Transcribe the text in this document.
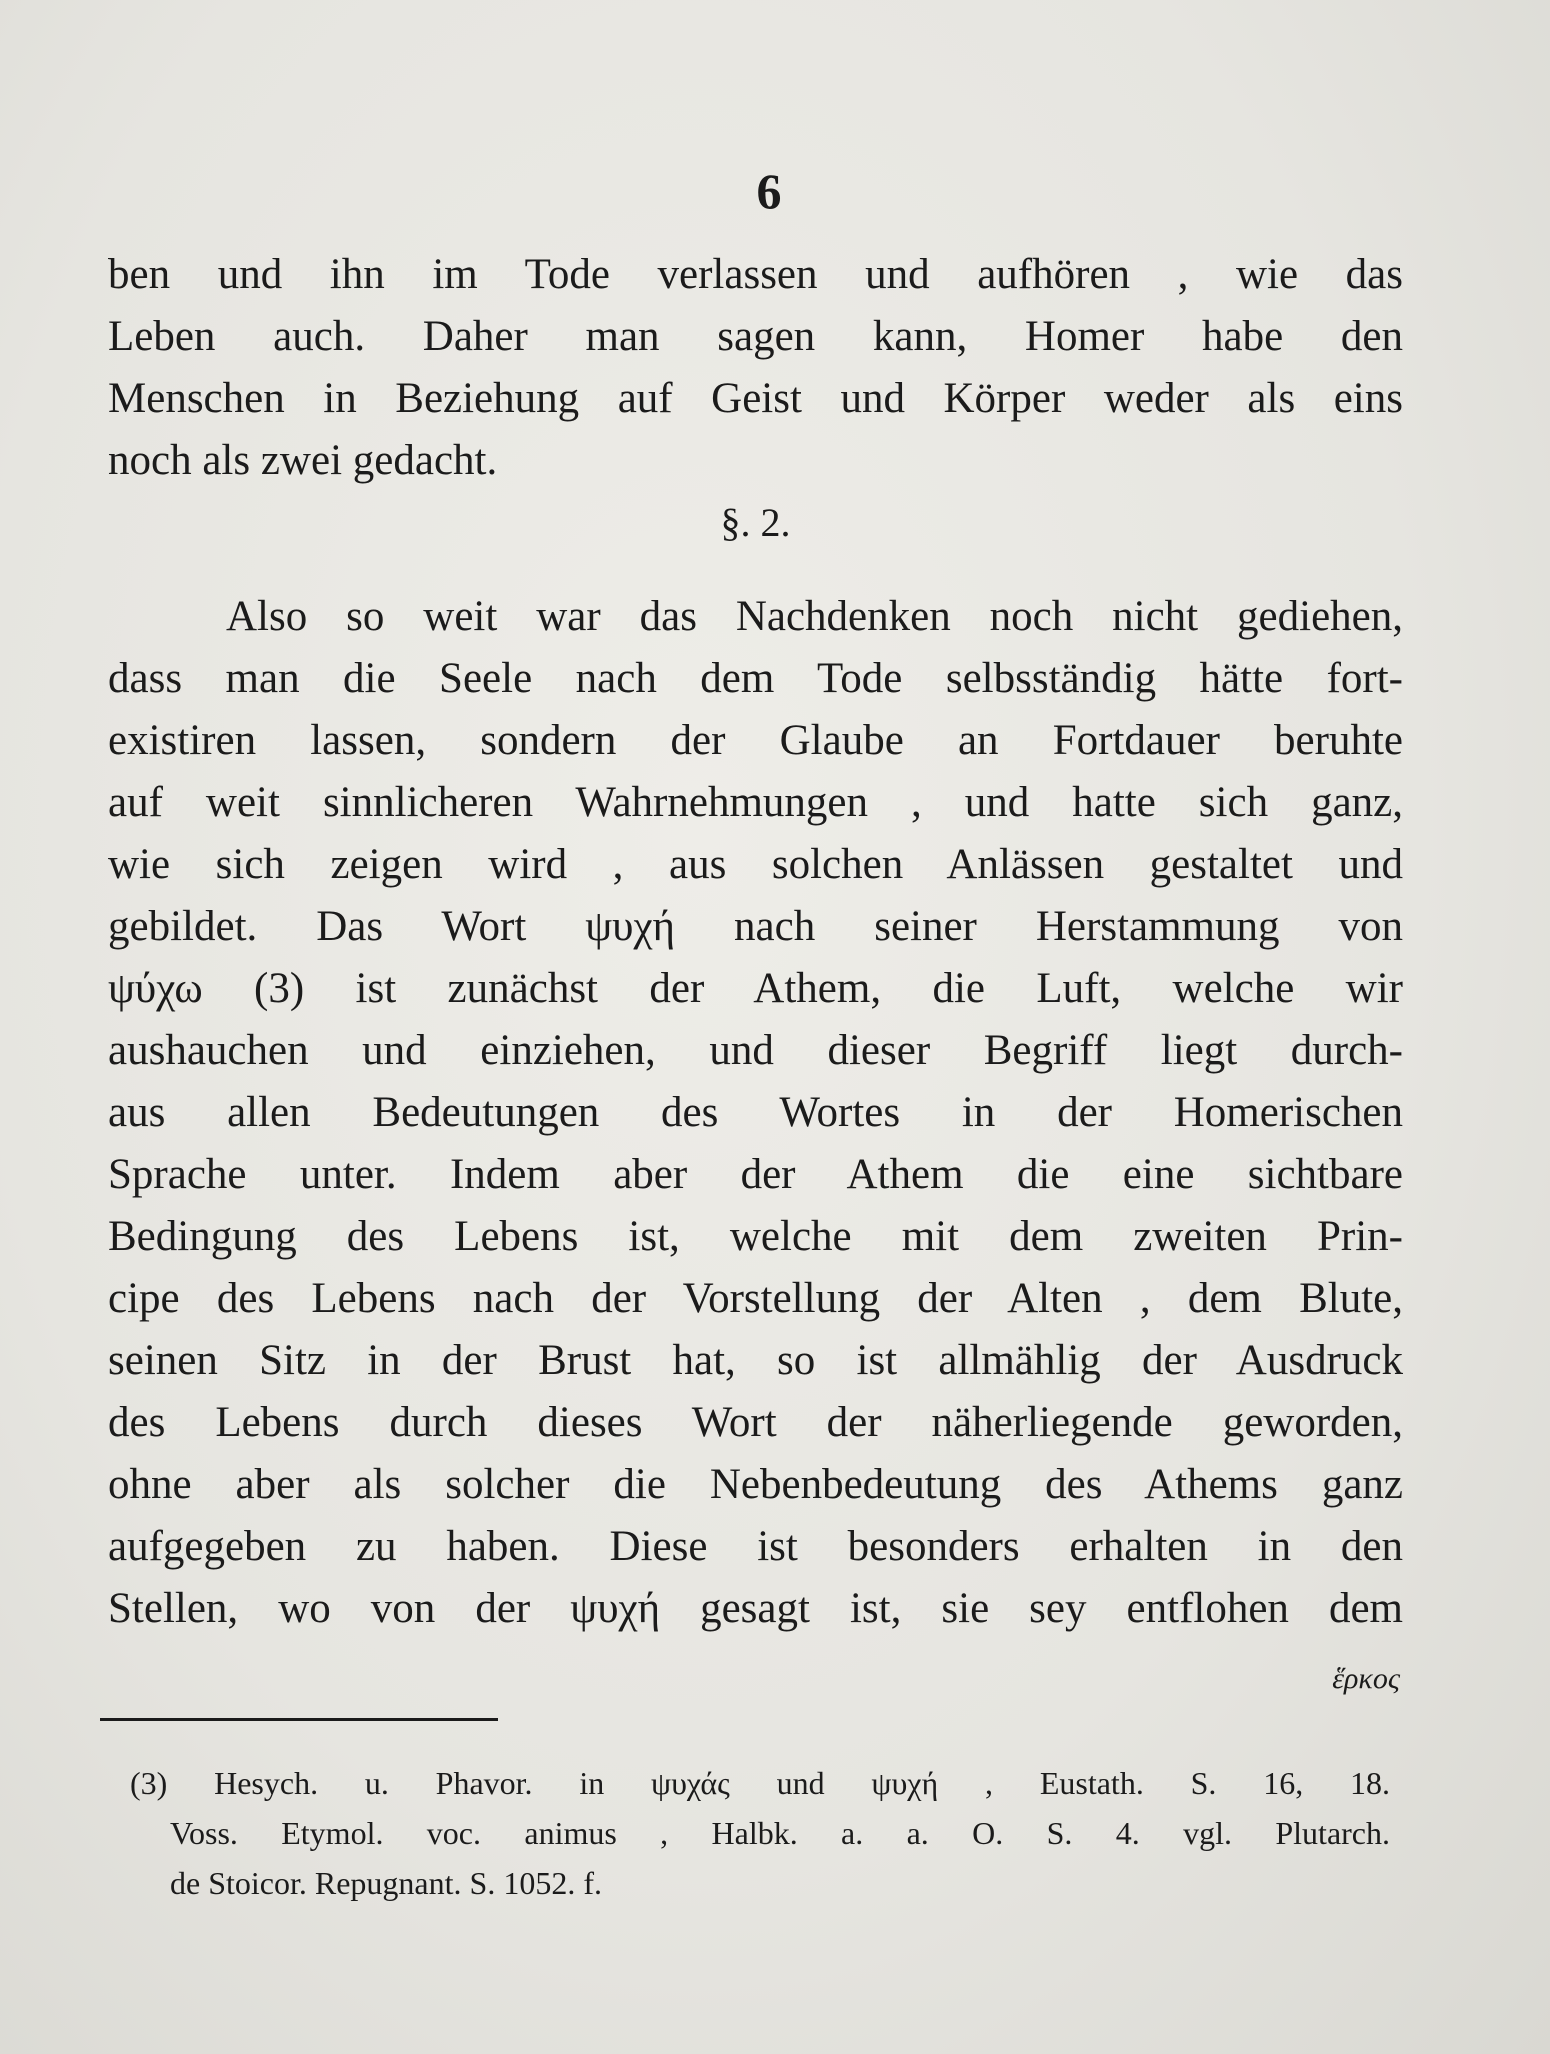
6
ben und ihn im Tode verlassen und aufhören , wie das
Leben auch. Daher man sagen kann, Homer habe den
Menschen in Beziehung auf Geist und Körper weder als eins
noch als zwei gedacht.
§. 2.
Also so weit war das Nachdenken noch nicht gediehen,
dass man die Seele nach dem Tode selbsständig hätte fort-
existiren lassen, sondern der Glaube an Fortdauer beruhte
auf weit sinnlicheren Wahrnehmungen , und hatte sich ganz,
wie sich zeigen wird , aus solchen Anlässen gestaltet und
gebildet. Das Wort ψυχή nach seiner Herstammung von
ψύχω (3) ist zunächst der Athem, die Luft, welche wir
aushauchen und einziehen, und dieser Begriff liegt durch-
aus allen Bedeutungen des Wortes in der Homerischen
Sprache unter. Indem aber der Athem die eine sichtbare
Bedingung des Lebens ist, welche mit dem zweiten Prin-
cipe des Lebens nach der Vorstellung der Alten , dem Blute,
seinen Sitz in der Brust hat, so ist allmählig der Ausdruck
des Lebens durch dieses Wort der näherliegende geworden,
ohne aber als solcher die Nebenbedeutung des Athems ganz
aufgegeben zu haben. Diese ist besonders erhalten in den
Stellen, wo von der ψυχή gesagt ist, sie sey entflohen dem
ἕρκος
(3) Hesych. u. Phavor. in ψυχάς und ψυχή , Eustath. S. 16, 18.
Voss. Etymol. voc. animus , Halbk. a. a. O. S. 4. vgl. Plutarch.
de Stoicor. Repugnant. S. 1052. f.
